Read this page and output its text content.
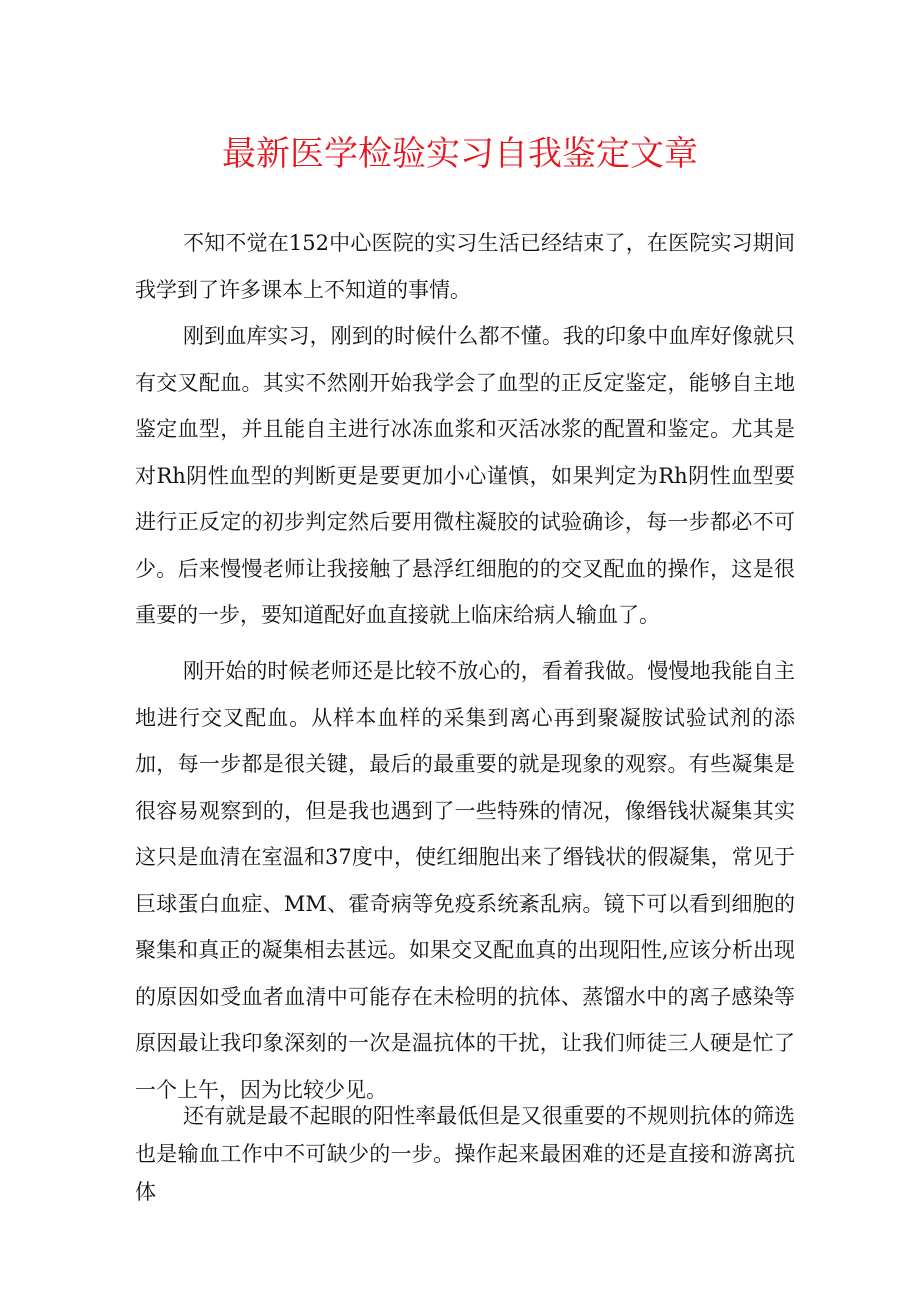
最新医学检验实习自我鉴定文章

不知不觉在152中心医院的实习生活已经结束了，在医院实习期间我学到了许多课本上不知道的事情。

刚到血库实习，刚到的时候什么都不懂。我的印象中血库好像就只有交叉配血。其实不然刚开始我学会了血型的正反定鉴定，能够自主地鉴定血型，并且能自主进行冰冻血浆和灭活冰浆的配置和鉴定。尤其是对Rh阴性血型的判断更是要更加小心谨慎，如果判定为Rh阴性血型要进行正反定的初步判定然后要用微柱凝胶的试验确诊，每一步都必不可少。后来慢慢老师让我接触了悬浮红细胞的的交叉配血的操作，这是很重要的一步，要知道配好血直接就上临床给病人输血了。

刚开始的时候老师还是比较不放心的，看着我做。慢慢地我能自主地进行交叉配血。从样本血样的采集到离心再到聚凝胺试验试剂的添加，每一步都是很关键，最后的最重要的就是现象的观察。有些凝集是很容易观察到的，但是我也遇到了一些特殊的情况，像缗钱状凝集其实这只是血清在室温和37度中，使红细胞出来了缗钱状的假凝集，常见于巨球蛋白血症、MM、霍奇病等免疫系统紊乱病。镜下可以看到细胞的聚集和真正的凝集相去甚远。如果交叉配血真的出现阳性,应该分析出现的原因如受血者血清中可能存在未检明的抗体、蒸馏水中的离子感染等原因最让我印象深刻的一次是温抗体的干扰，让我们师徒三人硬是忙了一个上午，因为比较少见。

还有就是最不起眼的阳性率最低但是又很重要的不规则抗体的筛选也是输血工作中不可缺少的一步。操作起来最困难的还是直接和游离抗体
